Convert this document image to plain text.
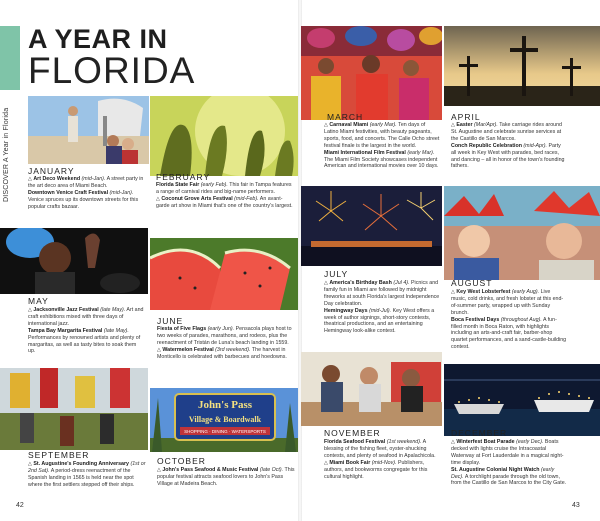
DISCOVER A Year in Florida
A YEAR IN
FLORIDA
John's Pass
Village & Boardwalk
SHOPPING · DINING · WATERSPORTS
JANUARY
FEBRUARY
MARCH	APRIL
MAY
JUNE
JULY
AUGUST
SEPTEMBER
OCTOBER
NOVEMBER	DECEMBER
△ Art Deco Weekend (mid-Jan). A street party in the art deco area of Miami Beach.
Downtown Venice Craft Festival (mid-Jan). Venice spruces up its downtown streets for this popular crafts bazaar.
Florida State Fair (early Feb). This fair in Tampa features a range of carnival rides and big-name performers.
△ Coconut Grove Arts Festival (mid-Feb). An avant-garde art show in Miami that's one of the country's largest.
△ Carnaval Miami (early Mar). Ten days of Latino Miami festivities, with beauty pageants, sports, food, and concerts. The Calle Ocho street festival finale is the largest in the world.
Miami International Film Festival (early Mar). The Miami Film Society showcases independent American and international movies over 10 days.
△ Easter (Mar/Apr). Take carriage rides around St. Augustine and celebrate sunrise services at the Castillo de San Marcos.
Conch Republic Celebration (mid-Apr). Party all week in Key West with parades, bed races, and dancing – all in honor of the town's founding fathers.
△ Jacksonville Jazz Festival (late May). Art and craft exhibitions mixed with three days of international jazz.
Tampa Bay Margarita Festival (late May). Performances by renowned artists and plenty of margaritas, as well as tasty bites to soak them up.
Fiesta of Five Flags (early Jun). Pensacola plays host to two weeks of parades, marathons, and rodeos, plus the reenactment of Tristán de Luna's beach landing in 1559.
△ Watermelon Festival (3rd weekend). The harvest in Monticello is celebrated with barbecues and hoedowns.
△ America's Birthday Bash (Jul 4). Picnics and family fun in Miami are followed by midnight fireworks at south Florida's largest Independence Day celebration.
Hemingway Days (mid-Jul). Key West offers a week of author signings, short-story contests, theatrical productions, and an entertaining Hemingway look-alike contest.
△ Key West Lobsterfest (early Aug). Live music, cold drinks, and fresh lobster at this end-of-summer party, wrapped up with Sunday brunch.
Boca Festival Days (throughout Aug). A fun-filled month in Boca Raton, with highlights including an arts-and-craft fair, barber-shop quartet performances, and a sand-castle-building contest.
△ St. Augustine's Founding Anniversary (1st or 2nd Sat). A period-dress reenactment of the Spanish landing in 1565 is held near the spot where the first settlers stepped off their ships.
△ John's Pass Seafood & Music Festival (late Oct). This popular festival attracts seafood lovers to John's Pass Village at Madeira Beach.
Florida Seafood Festival (1st weekend). A blessing of the fishing fleet, oyster-shucking contests, and plenty of seafood in Apalachicola.
△ Miami Book Fair (mid-Nov). Publishers, authors, and bookworms congregate for this cultural highlight.
△ Winterfest Boat Parade (early Dec). Boats decked with lights cruise the Intracoastal Waterway at Fort Lauderdale in a magical night-time display.
St. Augustine Colonial Night Watch (early Dec). A torchlight parade through the old town, from the Castillo de San Marcos to the City Gate.
42	43
